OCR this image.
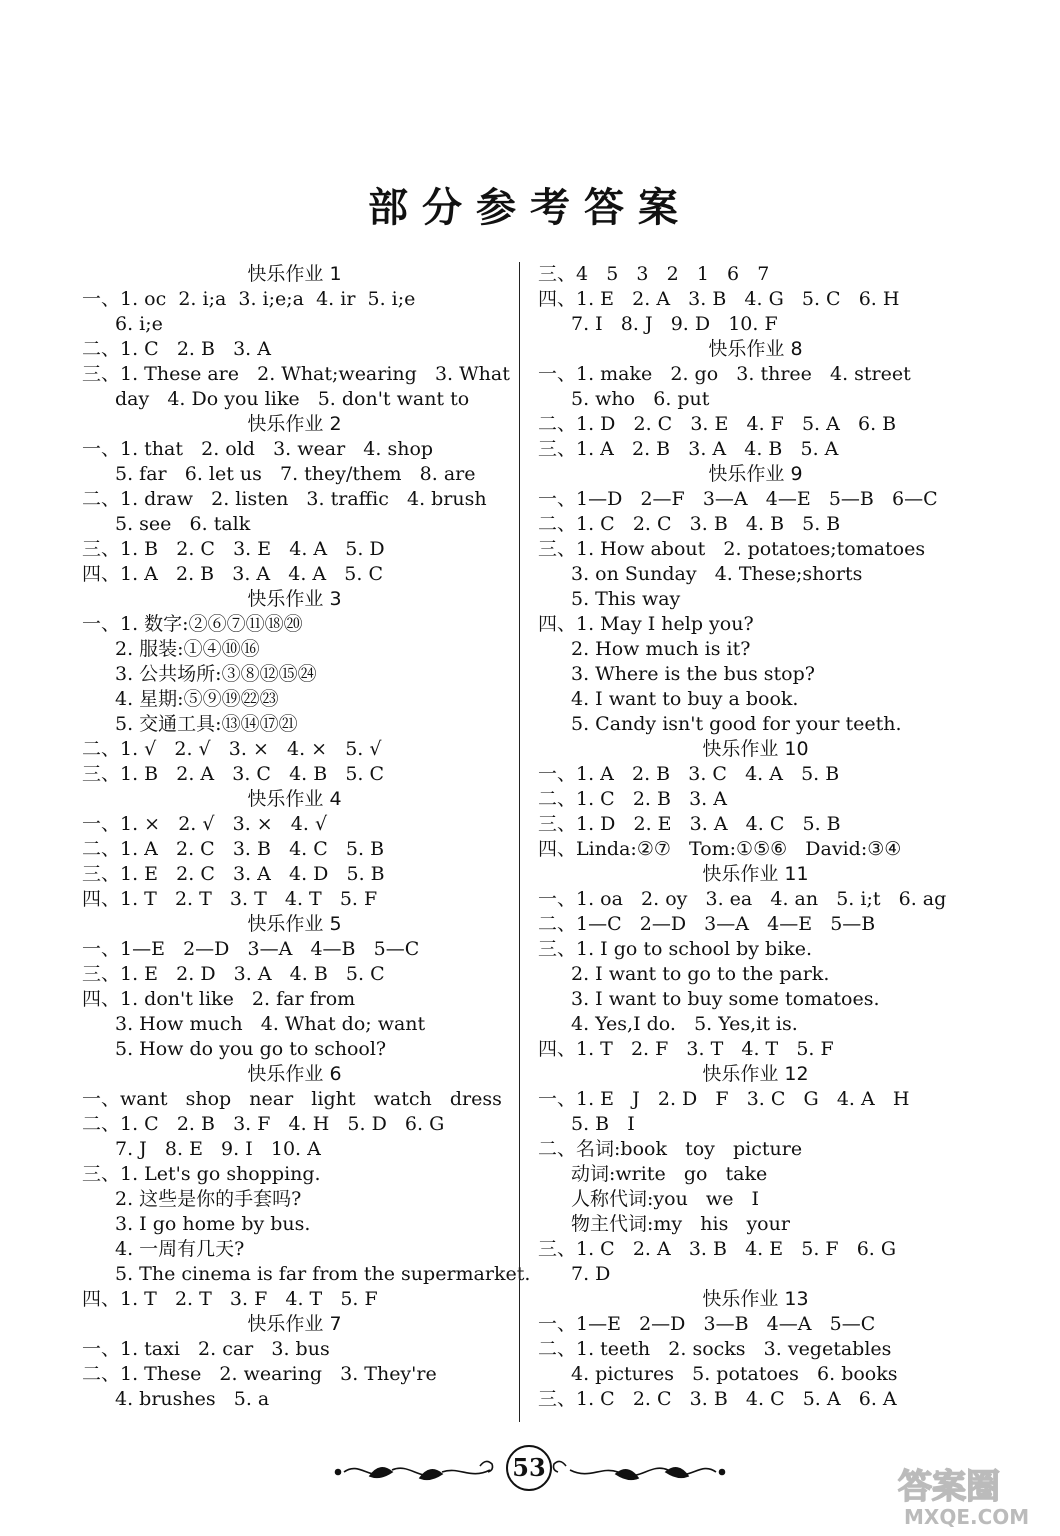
部分参考答案
快乐作业 1
一、1. oc  2. i;a  3. i;e;a  4. ir  5. i;e
6. i;e
二、1. C   2. B   3. A
三、1. These are   2. What;wearing   3. What
day   4. Do you like   5. don't want to
快乐作业 2
一、1. that   2. old   3. wear   4. shop
5. far   6. let us   7. they/them   8. are
二、1. draw   2. listen   3. traffic   4. brush
5. see   6. talk
三、1. B   2. C   3. E   4. A   5. D
四、1. A   2. B   3. A   4. A   5. C
快乐作业 3
一、1. 数字:②⑥⑦⑪⑱⑳
2. 服装:①④⑩⑯
3. 公共场所:③⑧⑫⑮㉔
4. 星期:⑤⑨⑲㉒㉓
5. 交通工具:⑬⑭⑰㉑
二、1. √   2. √   3. ×   4. ×   5. √
三、1. B   2. A   3. C   4. B   5. C
快乐作业 4
一、1. ×   2. √   3. ×   4. √
二、1. A   2. C   3. B   4. C   5. B
三、1. E   2. C   3. A   4. D   5. B
四、1. T   2. T   3. T   4. T   5. F
快乐作业 5
一、1—E   2—D   3—A   4—B   5—C
三、1. E   2. D   3. A   4. B   5. C
四、1. don't like   2. far from
3. How much   4. What do; want
5. How do you go to school?
快乐作业 6
一、want   shop   near   light   watch   dress
二、1. C   2. B   3. F   4. H   5. D   6. G
7. J   8. E   9. I   10. A
三、1. Let's go shopping.
2. 这些是你的手套吗?
3. I go home by bus.
4. 一周有几天?
5. The cinema is far from the supermarket.
四、1. T   2. T   3. F   4. T   5. F
快乐作业 7
一、1. taxi   2. car   3. bus
二、1. These   2. wearing   3. They're
4. brushes   5. a
三、4   5   3   2   1   6   7
四、1. E   2. A   3. B   4. G   5. C   6. H
7. I   8. J   9. D   10. F
快乐作业 8
一、1. make   2. go   3. three   4. street
5. who   6. put
二、1. D   2. C   3. E   4. F   5. A   6. B
三、1. A   2. B   3. A   4. B   5. A
快乐作业 9
一、1—D   2—F   3—A   4—E   5—B   6—C
二、1. C   2. C   3. B   4. B   5. B
三、1. How about   2. potatoes;tomatoes
3. on Sunday   4. These;shorts
5. This way
四、1. May I help you?
2. How much is it?
3. Where is the bus stop?
4. I want to buy a book.
5. Candy isn't good for your teeth.
快乐作业 10
一、1. A   2. B   3. C   4. A   5. B
二、1. C   2. B   3. A
三、1. D   2. E   3. A   4. C   5. B
四、Linda:②⑦   Tom:①⑤⑥   David:③④
快乐作业 11
一、1. oa   2. oy   3. ea   4. an   5. i;t   6. ag
二、1—C   2—D   3—A   4—E   5—B
三、1. I go to school by bike.
2. I want to go to the park.
3. I want to buy some tomatoes.
4. Yes,I do.   5. Yes,it is.
四、1. T   2. F   3. T   4. T   5. F
快乐作业 12
一、1. E   J   2. D   F   3. C   G   4. A   H
5. B   I
二、名词:book   toy   picture
动词:write   go   take
人称代词:you   we   I
物主代词:my   his   your
三、1. C   2. A   3. B   4. E   5. F   6. G
7. D
快乐作业 13
一、1—E   2—D   3—B   4—A   5—C
二、1. teeth   2. socks   3. vegetables
4. pictures   5. potatoes   6. books
三、1. C   2. C   3. B   4. C   5. A   6. A
53	答案圈
MXQE.COM
